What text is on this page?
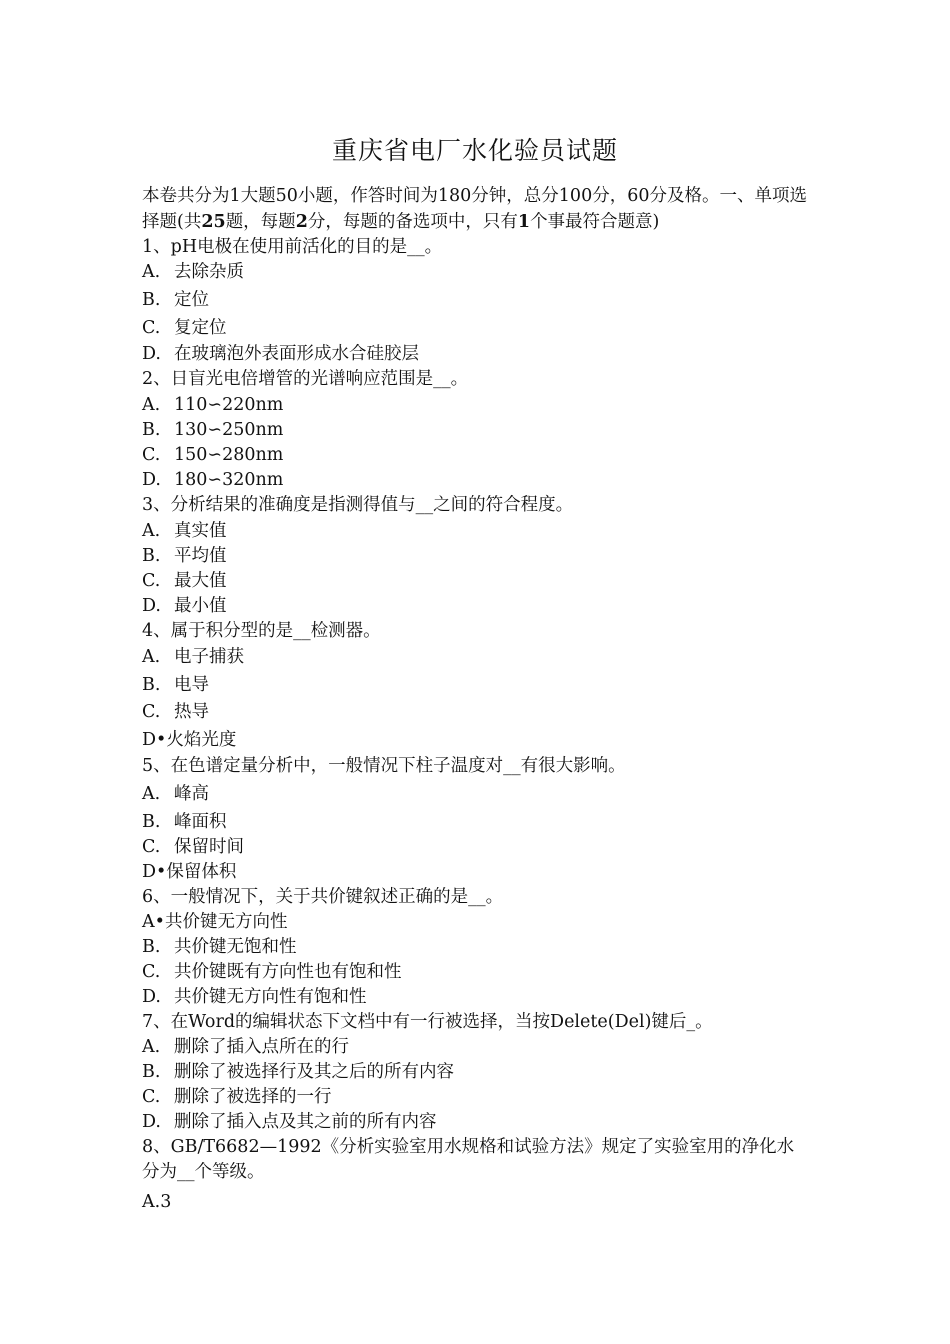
重庆省电厂水化验员试题
本卷共分为1大题50小题，作答时间为180分钟，总分100分，60分及格。一、单项选择题(共25题，每题2分，每题的备选项中，只有1个事最符合题意)
1、pH电极在使用前活化的目的是__。
A. 去除杂质
B. 定位
C. 复定位
D. 在玻璃泡外表面形成水合硅胶层
2、日盲光电倍增管的光谱响应范围是__。
A. 110∽220nm
B. 130∽250nm
C. 150∽280nm
D. 180∽320nm
3、分析结果的准确度是指测得值与__之间的符合程度。
A. 真实值
B. 平均值
C. 最大值
D. 最小值
4、属于积分型的是__检测器。
A. 电子捕获
B. 电导
C. 热导
D•火焰光度
5、在色谱定量分析中，一般情况下柱子温度对__有很大影响。
A. 峰高
B. 峰面积
C. 保留时间
D•保留体积
6、一般情况下，关于共价键叙述正确的是__。
A•共价键无方向性
B. 共价键无饱和性
C. 共价键既有方向性也有饱和性
D. 共价键无方向性有饱和性
7、在Word的编辑状态下文档中有一行被选择，当按Delete(Del)键后_。
A. 删除了插入点所在的行
B. 删除了被选择行及其之后的所有内容
C. 删除了被选择的一行
D. 删除了插入点及其之前的所有内容
8、GB/T6682—1992《分析实验室用水规格和试验方法》规定了实验室用的净化水分为__个等级。
A.3
